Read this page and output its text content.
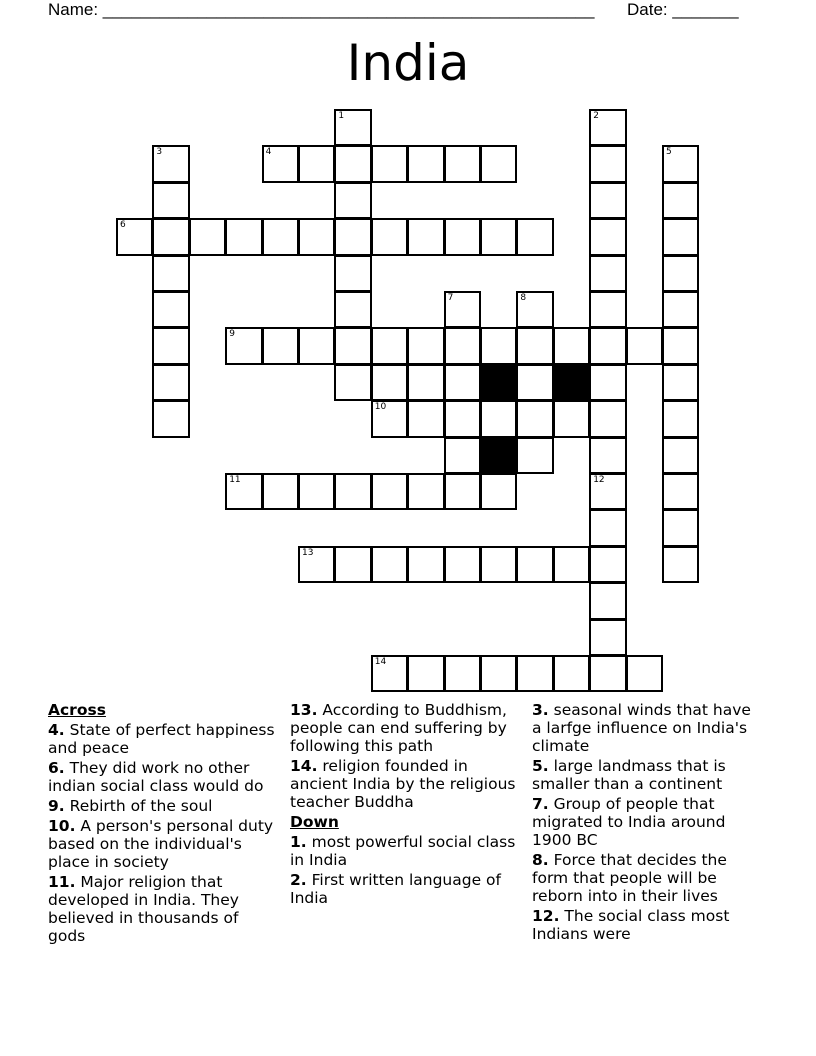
Name: ____________________________________________________ Date: _______
India
4
6
9
10
11
13
14
1	2
3	5
7	8
12
Across
4. State of perfect happiness and peace
6. They did work no other indian social class would do
9. Rebirth of the soul
10. A person's personal duty based on the individual's place in society
11. Major religion that developed in India. They believed in thousands of gods
13. According to Buddhism, people can end suffering by following this path
14. religion founded in ancient India by the religious teacher Buddha
Down
1. most powerful social class in India
2. First written language of India
3. seasonal winds that have a larfge influence on India's climate
5. large landmass that is smaller than a continent
7. Group of people that migrated to India around 1900 BC
8. Force that decides the form that people will be reborn into in their lives
12. The social class most Indians were
